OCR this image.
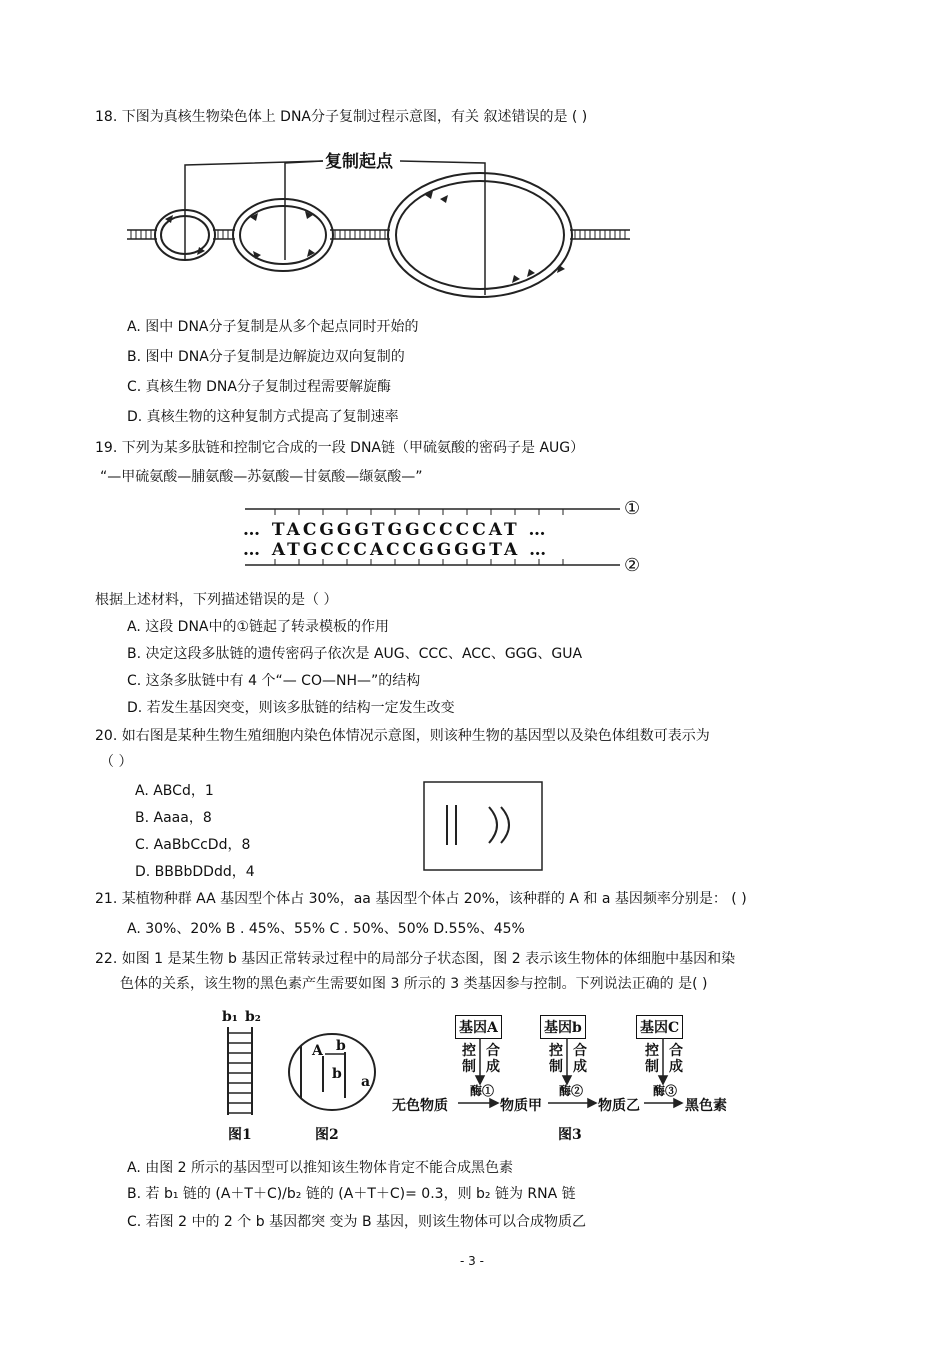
18. 下图为真核生物染色体上 DNA分子复制过程示意图，有关 叙述错误的是 ( )
复制起点
A. 图中 DNA分子复制是从多个起点同时开始的
B. 图中 DNA分子复制是边解旋边双向复制的
C. 真核生物 DNA分子复制过程需要解旋酶
D. 真核生物的这种复制方式提高了复制速率
19. 下列为某多肽链和控制它合成的一段 DNA链（甲硫氨酸的密码子是 AUG）
“—甲硫氨酸—脯氨酸—苏氨酸—甘氨酸—缬氨酸—”
… TACGGGTGGCCCCAT …
… ATGCCCACCGGGGTA …
①
②
根据上述材料，下列描述错误的是（ ）
A. 这段 DNA中的①链起了转录模板的作用
B. 决定这段多肽链的遗传密码子依次是 AUG、CCC、ACC、GGG、GUA
C. 这条多肽链中有 4 个“— CO—NH—”的结构
D. 若发生基因突变，则该多肽链的结构一定发生改变
20. 如右图是某种生物生殖细胞内染色体情况示意图，则该种生物的基因型以及染色体组数可表示为
（ ）
A. ABCd，1
B. Aaaa，8
C. AaBbCcDd，8
D. BBBbDDdd，4
21. 某植物种群 AA 基因型个体占 30%，aa 基因型个体占 20%，该种群的 A 和 a 基因频率分别是： ( )
A. 30%、20% B . 45%、55% C . 50%、50% D.55%、45%
22. 如图 1 是某生物 b 基因正常转录过程中的局部分子状态图，图 2 表示该生物体的体细胞中基因和染
色体的关系，该生物的黑色素产生需要如图 3 所示的 3 类基因参与控制。下列说法正确的 是( )
b₁ b₂
图1
A b
b a
图2
基因A	基因b	基因C
控制
合成
控制
合成
控制
合成
酶①	酶②	酶③
无色物质	物质甲	物质乙	黑色素
图3
A. 由图 2 所示的基因型可以推知该生物体肯定不能合成黑色素
B. 若 b₁ 链的 (A＋T＋C)/b₂ 链的 (A＋T＋C)= 0.3，则 b₂ 链为 RNA 链
C. 若图 2 中的 2 个 b 基因都突 变为 B 基因，则该生物体可以合成物质乙
- 3 -
